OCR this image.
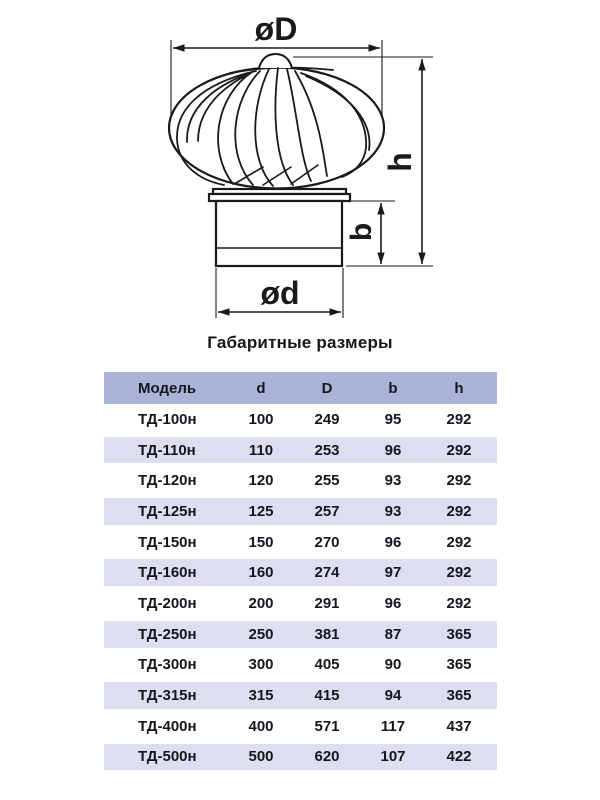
øD
h
b
ød
Габаритные размеры
Модель	d	D	b	h
ТД-100н	100	249	95	292
ТД-110н	110	253	96	292
ТД-120н	120	255	93	292
ТД-125н	125	257	93	292
ТД-150н	150	270	96	292
ТД-160н	160	274	97	292
ТД-200н	200	291	96	292
ТД-250н	250	381	87	365
ТД-300н	300	405	90	365
ТД-315н	315	415	94	365
ТД-400н	400	571	117	437
ТД-500н	500	620	107	422
